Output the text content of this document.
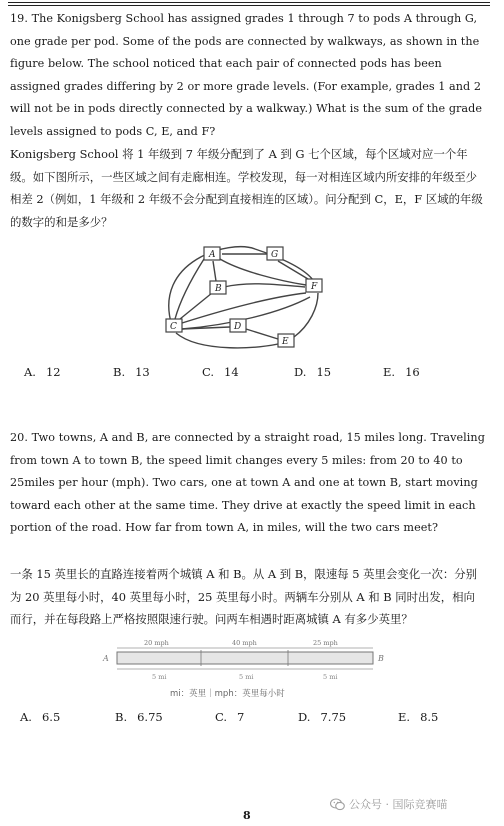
19. The Konigsberg School has assigned grades 1 through 7 to pods A through G, one grade per pod. Some of the pods are connected by walkways, as shown in the figure below. The school noticed that each pair of connected pods has been assigned grades differing by 2 or more grade levels. (For example, grades 1 and 2 will not be in pods directly connected by a walkway.) What is the sum of the grade levels assigned to pods C, E, and F?
Konigsberg School 将 1 年级到 7 年级分配到了 A 到 G 七个区域，每个区域对应一个年级。如下图所示，一些区域之间有走廊相连。学校发现，每一对相连区域内所安排的年级至少相差 2（例如，1 年级和 2 年级不会分配到直接相连的区域）。问分配到 C，E，F 区域的年级的数字的和是多少？
A	G
B	F
D
C
E
A. 12	B. 13	C. 14	D. 15	E. 16
20. Two towns, A and B, are connected by a straight road, 15 miles long. Traveling from town A to town B, the speed limit changes every 5 miles: from 20 to 40 to 25miles per hour (mph). Two cars, one at town A and one at town B, start moving toward each other at the same time. They drive at exactly the speed limit in each portion of the road. How far from town A, in miles, will the two cars meet?
一条 15 英里长的直路连接着两个城镇 A 和 B。从 A 到 B，限速每 5 英里会变化一次：分别为 20 英里每小时，40 英里每小时，25 英里每小时。两辆车分别从 A 和 B 同时出发，相向而行，并在每段路上严格按照限速行驶。问两车相遇时距离城镇 A 有多少英里？
20 mph	40 mph	25 mph
A	B
5 mi	5 mi	5 mi
mi：英里｜mph：英里每小时
A. 6.5	B. 6.75	C. 7	D. 7.75	E. 8.5
公众号 · 国际竞赛喵
8
